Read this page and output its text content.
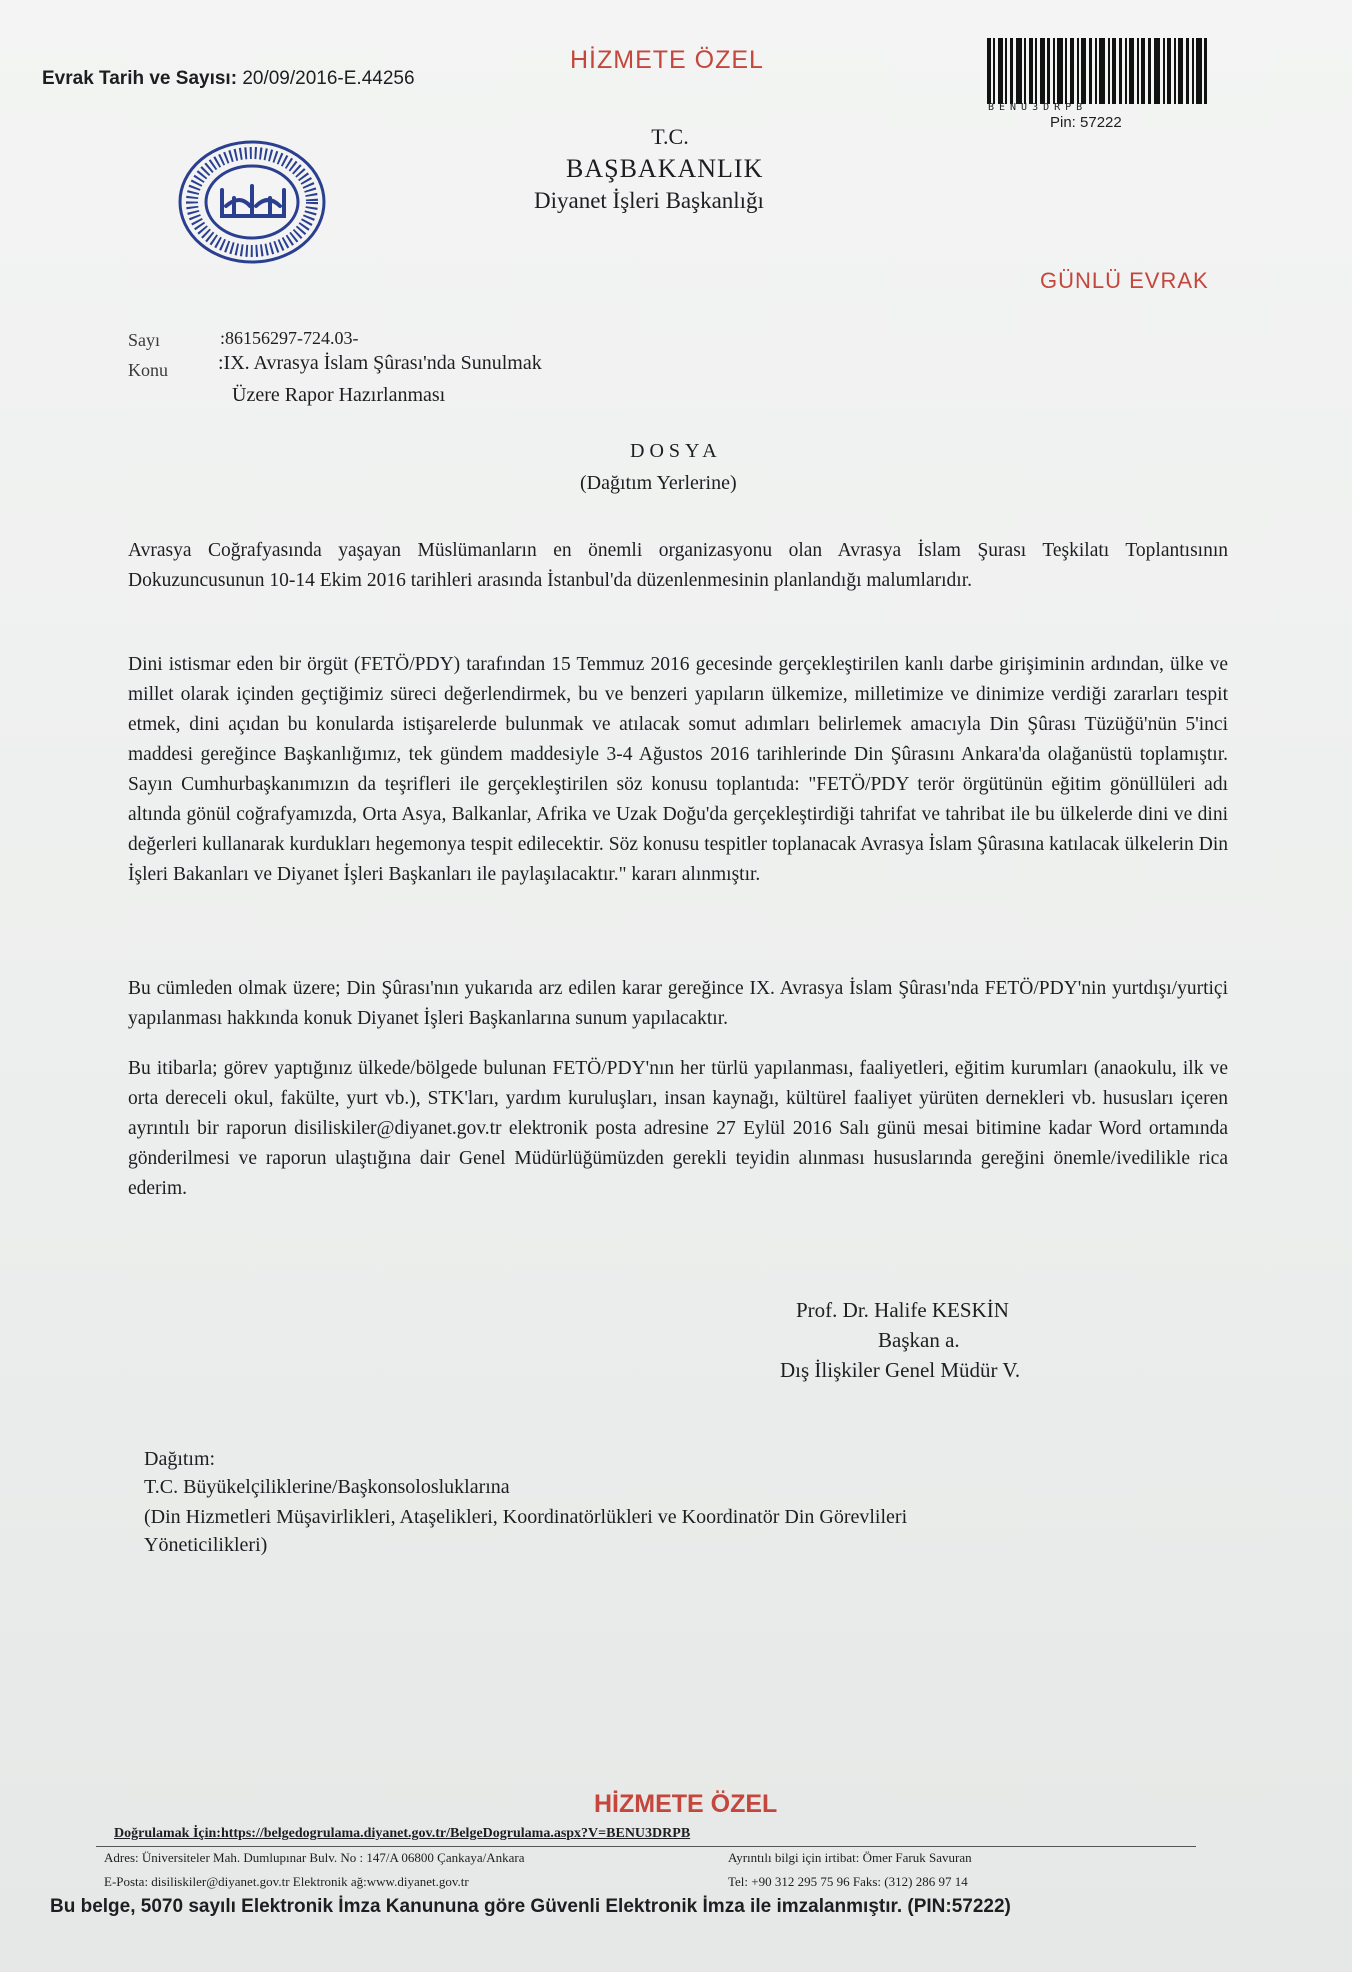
Evrak Tarih ve Sayısı: 20/09/2016-E.44256
HİZMETE ÖZEL
BENU3DRPB
Pin: 57222
T.C.
BAŞBAKANLIK
Diyanet İşleri Başkanlığı
GÜNLÜ EVRAK
Sayı	:86156297-724.03-
Konu	:IX. Avrasya İslam Şûrası'nda Sunulmak
Üzere Rapor Hazırlanması
DOSYA
(Dağıtım Yerlerine)

Avrasya Coğrafyasında yaşayan Müslümanların en önemli organizasyonu olan Avrasya İslam Şurası Teşkilatı Toplantısının Dokuzuncusunun 10-14 Ekim 2016 tarihleri arasında İstanbul'da düzenlenmesinin planlandığı malumlarıdır.

Dini istismar eden bir örgüt (FETÖ/PDY) tarafından 15 Temmuz 2016 gecesinde gerçekleştirilen kanlı darbe girişiminin ardından, ülke ve millet olarak içinden geçtiğimiz süreci değerlendirmek, bu ve benzeri yapıların ülkemize, milletimize ve dinimize verdiği zararları tespit etmek, dini açıdan bu konularda istişarelerde bulunmak ve atılacak somut adımları belirlemek amacıyla Din Şûrası Tüzüğü'nün 5'inci maddesi gereğince Başkanlığımız, tek gündem maddesiyle 3-4 Ağustos 2016 tarihlerinde Din Şûrasını Ankara'da olağanüstü toplamıştır. Sayın Cumhurbaşkanımızın da teşrifleri ile gerçekleştirilen söz konusu toplantıda: "FETÖ/PDY terör örgütünün eğitim gönüllüleri adı altında gönül coğrafyamızda, Orta Asya, Balkanlar, Afrika ve Uzak Doğu'da gerçekleştirdiği tahrifat ve tahribat ile bu ülkelerde dini ve dini değerleri kullanarak kurdukları hegemonya tespit edilecektir. Söz konusu tespitler toplanacak Avrasya İslam Şûrasına katılacak ülkelerin Din İşleri Bakanları ve Diyanet İşleri Başkanları ile paylaşılacaktır." kararı alınmıştır.

Bu cümleden olmak üzere; Din Şûrası'nın yukarıda arz edilen karar gereğince IX. Avrasya İslam Şûrası'nda FETÖ/PDY'nin yurtdışı/yurtiçi yapılanması hakkında konuk Diyanet İşleri Başkanlarına sunum yapılacaktır.

Bu itibarla; görev yaptığınız ülkede/bölgede bulunan FETÖ/PDY'nın her türlü yapılanması, faaliyetleri, eğitim kurumları (anaokulu, ilk ve orta dereceli okul, fakülte, yurt vb.), STK'ları, yardım kuruluşları, insan kaynağı, kültürel faaliyet yürüten dernekleri vb. hususları içeren ayrıntılı bir raporun disiliskiler@diyanet.gov.tr elektronik posta adresine 27 Eylül 2016 Salı günü mesai bitimine kadar Word ortamında gönderilmesi ve raporun ulaştığına dair Genel Müdürlüğümüzden gerekli teyidin alınması hususlarında gereğini önemle/ivedilikle rica ederim.

Prof. Dr. Halife KESKİN
Başkan a.
Dış İlişkiler Genel Müdür V.
Dağıtım:
T.C. Büyükelçiliklerine/Başkonsolosluklarına
(Din Hizmetleri Müşavirlikleri, Ataşelikleri, Koordinatörlükleri ve Koordinatör Din Görevlileri
Yöneticilikleri)
HİZMETE ÖZEL
Doğrulamak İçin:https://belgedogrulama.diyanet.gov.tr/BelgeDogrulama.aspx?V=BENU3DRPB
Adres: Üniversiteler Mah. Dumlupınar Bulv. No : 147/A 06800 Çankaya/Ankara	Ayrıntılı bilgi için irtibat: Ömer Faruk Savuran
E-Posta: disiliskiler@diyanet.gov.tr Elektronik ağ:www.diyanet.gov.tr	Tel: +90 312 295 75 96 Faks: (312) 286 97 14
Bu belge, 5070 sayılı Elektronik İmza Kanununa göre Güvenli Elektronik İmza ile imzalanmıştır. (PIN:57222)
